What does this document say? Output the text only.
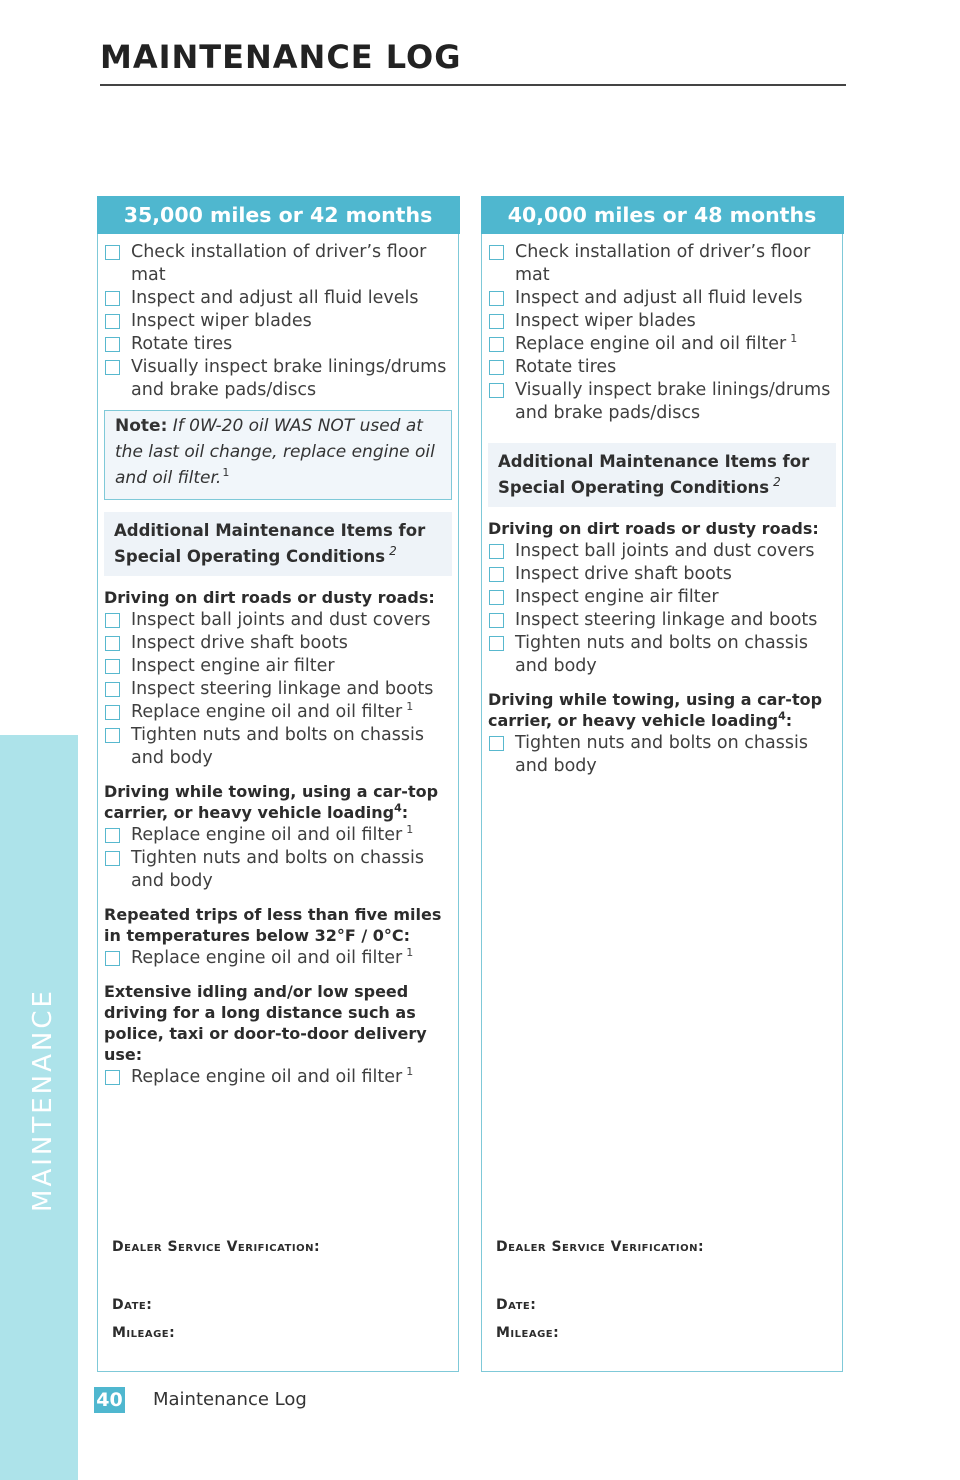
MAINTENANCE LOG
MAINTENANCE
35,000 miles or 42 months
Check installation of driver’s floor mat
Inspect and adjust all fluid levels
Inspect wiper blades
Rotate tires
Visually inspect brake linings/drums and brake pads/discs
Note: If 0W-20 oil WAS NOT used at the last oil change, replace engine oil and oil filter.$^1$
Additional Maintenance Items for Special Operating Conditions $^2$
Driving on dirt roads or dusty roads:
Inspect ball joints and dust covers
Inspect drive shaft boots
Inspect engine air filter
Inspect steering linkage and boots
Replace engine oil and oil filter $^1$
Tighten nuts and bolts on chassis and body
Driving while towing, using a car-top carrier, or heavy vehicle loading$^4$:
Replace engine oil and oil filter $^1$
Tighten nuts and bolts on chassis and body
Repeated trips of less than five miles in temperatures below 32°F / 0°C:
Replace engine oil and oil filter $^1$
Extensive idling and/or low speed driving for a long distance such as police, taxi or door-to-door delivery use:
Replace engine oil and oil filter $^1$
Dealer Service Verification:
Date:
Mileage:
40,000 miles or 48 months
Check installation of driver’s floor mat
Inspect and adjust all fluid levels
Inspect wiper blades
Replace engine oil and oil filter $^1$
Rotate tires
Visually inspect brake linings/drums and brake pads/discs
Additional Maintenance Items for Special Operating Conditions $^2$
Driving on dirt roads or dusty roads:
Inspect ball joints and dust covers
Inspect drive shaft boots
Inspect engine air filter
Inspect steering linkage and boots
Tighten nuts and bolts on chassis and body
Driving while towing, using a car-top carrier, or heavy vehicle loading$^4$:
Tighten nuts and bolts on chassis and body
Dealer Service Verification:
Date:
Mileage:
40 Maintenance Log
